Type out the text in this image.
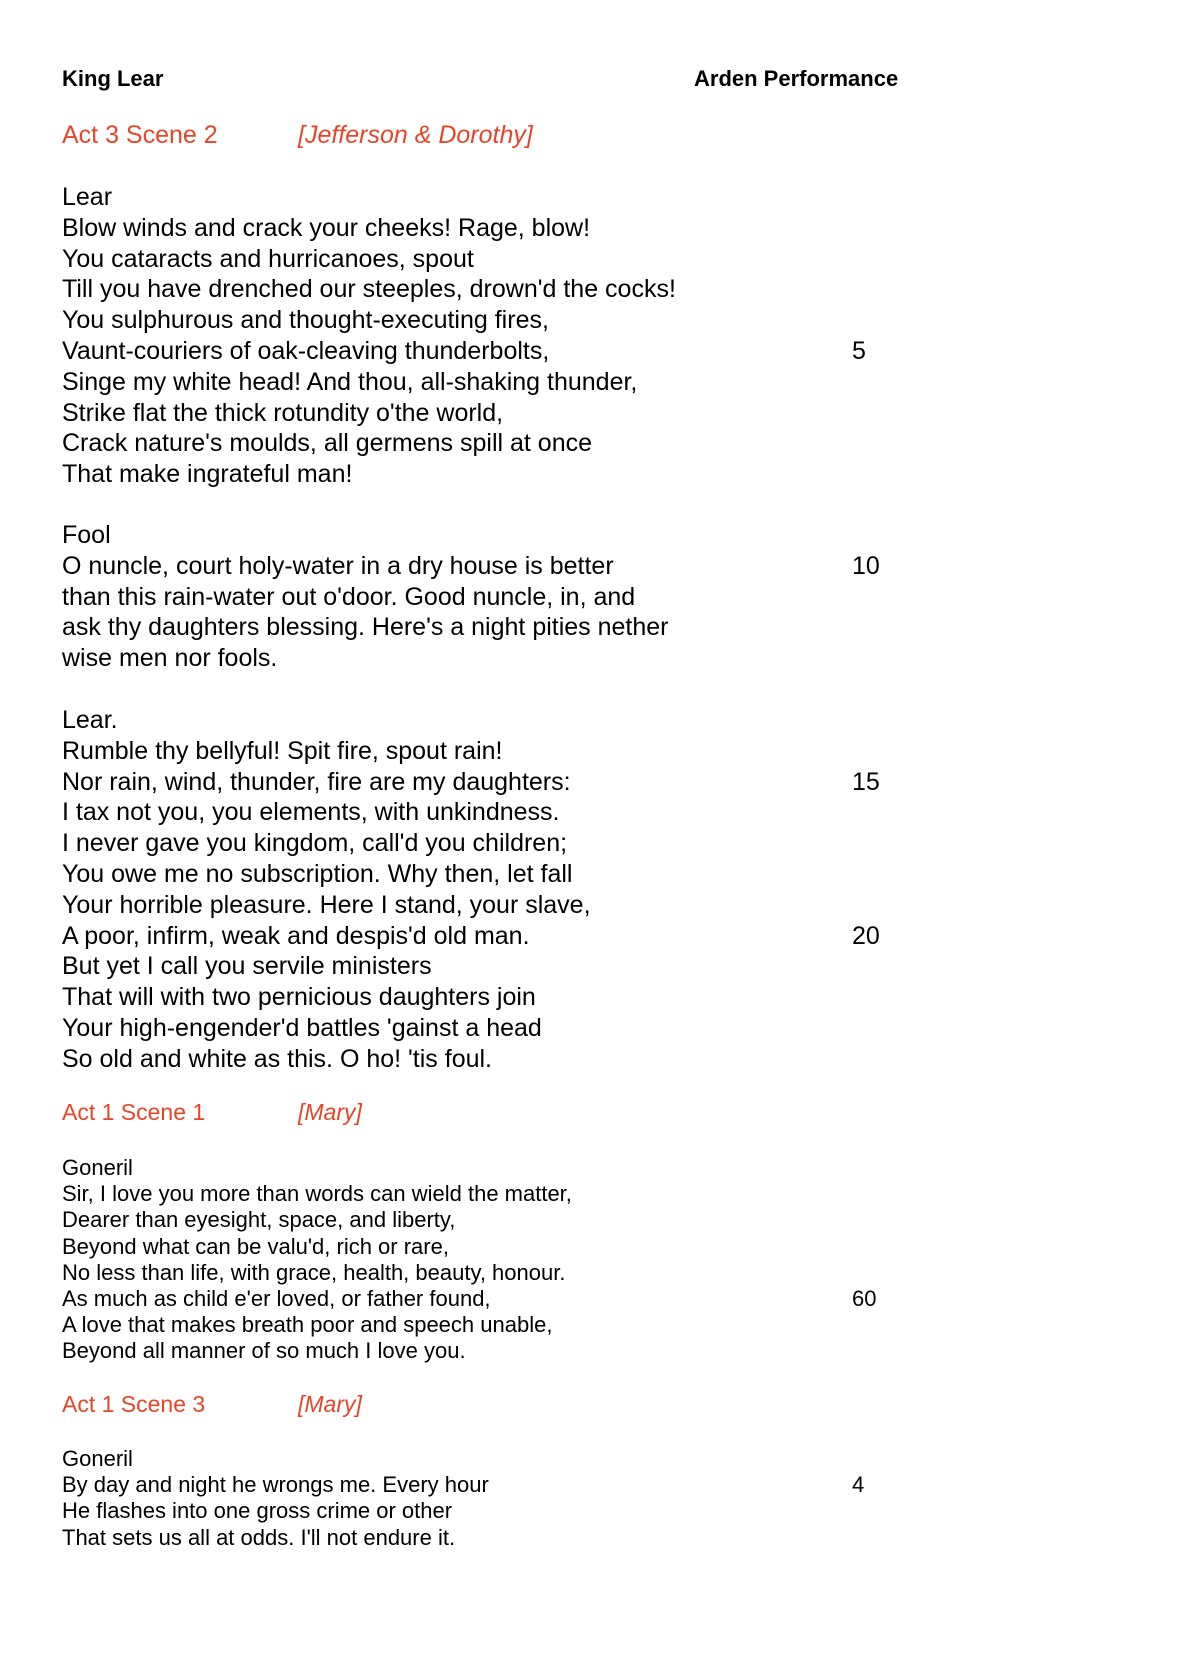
King Lear	Arden Performance
Act 3 Scene 2	[Jefferson & Dorothy]
Lear
Blow winds and crack your cheeks! Rage, blow!
You cataracts and hurricanoes, spout
Till you have drenched our steeples, drown'd the cocks!
You sulphurous and thought-executing fires,
Vaunt-couriers of oak-cleaving thunderbolts,	5
Singe my white head! And thou, all-shaking thunder,
Strike flat the thick rotundity o'the world,
Crack nature's moulds, all germens spill at once
That make ingrateful man!
Fool
O nuncle, court holy-water in a dry house is better	10
than this rain-water out o'door. Good nuncle, in, and
ask thy daughters blessing. Here's a night pities nether
wise men nor fools.
Lear.
Rumble thy bellyful! Spit fire, spout rain!
Nor rain, wind, thunder, fire are my daughters:	15
I tax not you, you elements, with unkindness.
I never gave you kingdom, call'd you children;
You owe me no subscription. Why then, let fall
Your horrible pleasure. Here I stand, your slave,
A poor, infirm, weak and despis'd old man.	20
But yet I call you servile ministers
That will with two pernicious daughters join
Your high-engender'd battles 'gainst a head
So old and white as this. O ho! 'tis foul.
Act 1 Scene 1	[Mary]
Goneril
Sir, I love you more than words can wield the matter,
Dearer than eyesight, space, and liberty,
Beyond what can be valu'd, rich or rare,
No less than life, with grace, health, beauty, honour.
As much as child e'er loved, or father found,	60
A love that makes breath poor and speech unable,
Beyond all manner of so much I love you.
Act 1 Scene 3	[Mary]
Goneril
By day and night he wrongs me. Every hour	4
He flashes into one gross crime or other
That sets us all at odds. I'll not endure it.
